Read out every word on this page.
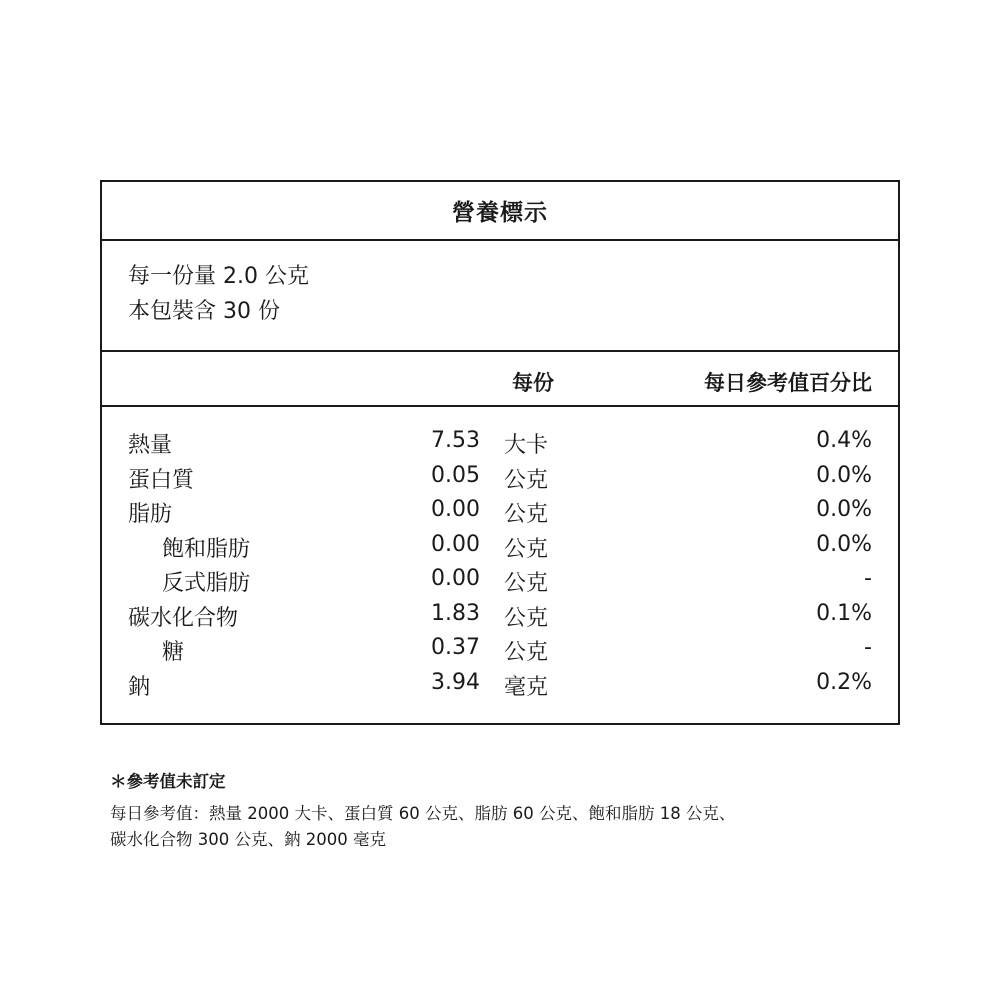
營養標示
每一份量 2.0 公克
本包裝含 30 份
每份	每日參考值百分比
熱量	7.53 大卡	0.4%
蛋白質	0.05 公克	0.0%
脂肪	0.00 公克	0.0%
飽和脂肪	0.00 公克	0.0%
反式脂肪	0.00 公克	-
碳水化合物	1.83 公克	0.1%
糖	0.37 公克	-
鈉	3.94 毫克	0.2%
＊參考值未訂定
每日參考值：熱量 2000 大卡、蛋白質 60 公克、脂肪 60 公克、飽和脂肪 18 公克、
碳水化合物 300 公克、鈉 2000 毫克
